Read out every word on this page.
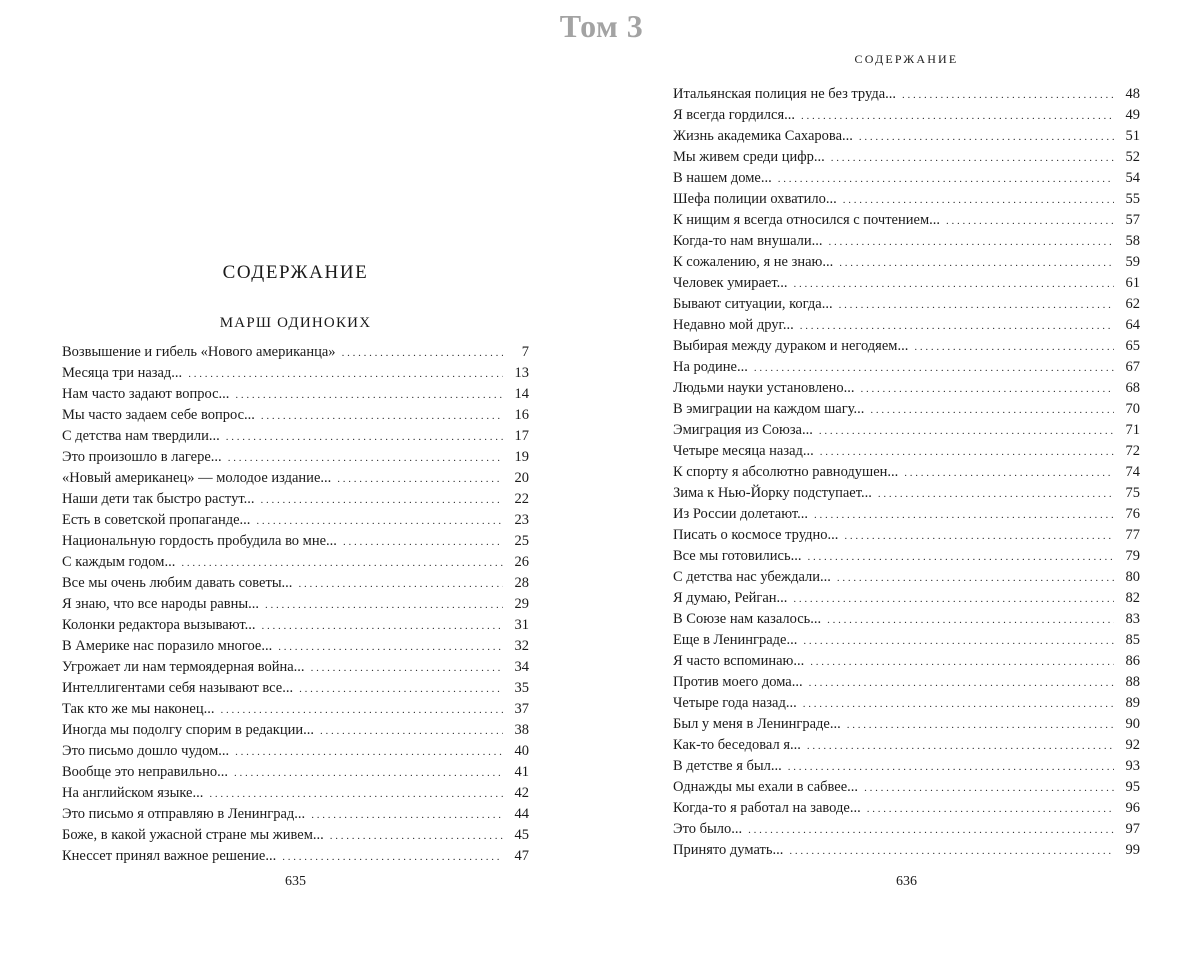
Том 3
СОДЕРЖАНИЕ
МАРШ ОДИНОКИХ
Возвышение и гибель «Нового американца» . . .	7
Месяца три назад... . . .	13
Нам часто задают вопрос... . . .	14
Мы часто задаем себе вопрос... . . .	16
С детства нам твердили... . . .	17
Это произошло в лагере... . . .	19
«Новый американец» — молодое издание... . . .	20
Наши дети так быстро растут... . . .	22
Есть в советской пропаганде... . . .	23
Национальную гордость пробудила во мне... . . .	25
С каждым годом... . . .	26
Все мы очень любим давать советы... . . .	28
Я знаю, что все народы равны... . . .	29
Колонки редактора вызывают... . . .	31
В Америке нас поразило многое... . . .	32
Угрожает ли нам термоядерная война... . . .	34
Интеллигентами себя называют все... . . .	35
Так кто же мы наконец... . . .	37
Иногда мы подолгу спорим в редакции... . . .	38
Это письмо дошло чудом... . . .	40
Вообще это неправильно... . . .	41
На английском языке... . . .	42
Это письмо я отправляю в Ленинград... . . .	44
Боже, в какой ужасной стране мы живем... . . .	45
Кнессет принял важное решение... . . .	47
635
СОДЕРЖАНИЕ
Итальянская полиция не без труда... . . .	48
Я всегда гордился... . . .	49
Жизнь академика Сахарова... . . .	51
Мы живем среди цифр... . . .	52
В нашем доме... . . .	54
Шефа полиции охватило... . . .	55
К нищим я всегда относился с почтением... . . .	57
Когда-то нам внушали... . . .	58
К сожалению, я не знаю... . . .	59
Человек умирает... . . .	61
Бывают ситуации, когда... . . .	62
Недавно мой друг... . . .	64
Выбирая между дураком и негодяем... . . .	65
На родине... . . .	67
Людьми науки установлено... . . .	68
В эмиграции на каждом шагу... . . .	70
Эмиграция из Союза... . . .	71
Четыре месяца назад... . . .	72
К спорту я абсолютно равнодушен... . . .	74
Зима к Нью-Йорку подступает... . . .	75
Из России долетают... . . .	76
Писать о космосе трудно... . . .	77
Все мы готовились... . . .	79
С детства нас убеждали... . . .	80
Я думаю, Рейган... . . .	82
В Союзе нам казалось... . . .	83
Еще в Ленинграде... . . .	85
Я часто вспоминаю... . . .	86
Против моего дома... . . .	88
Четыре года назад... . . .	89
Был у меня в Ленинграде... . . .	90
Как-то беседовал я... . . .	92
В детстве я был... . . .	93
Однажды мы ехали в сабвее... . . .	95
Когда-то я работал на заводе... . . .	96
Это было... . . .	97
Принято думать... . . .	99
636
